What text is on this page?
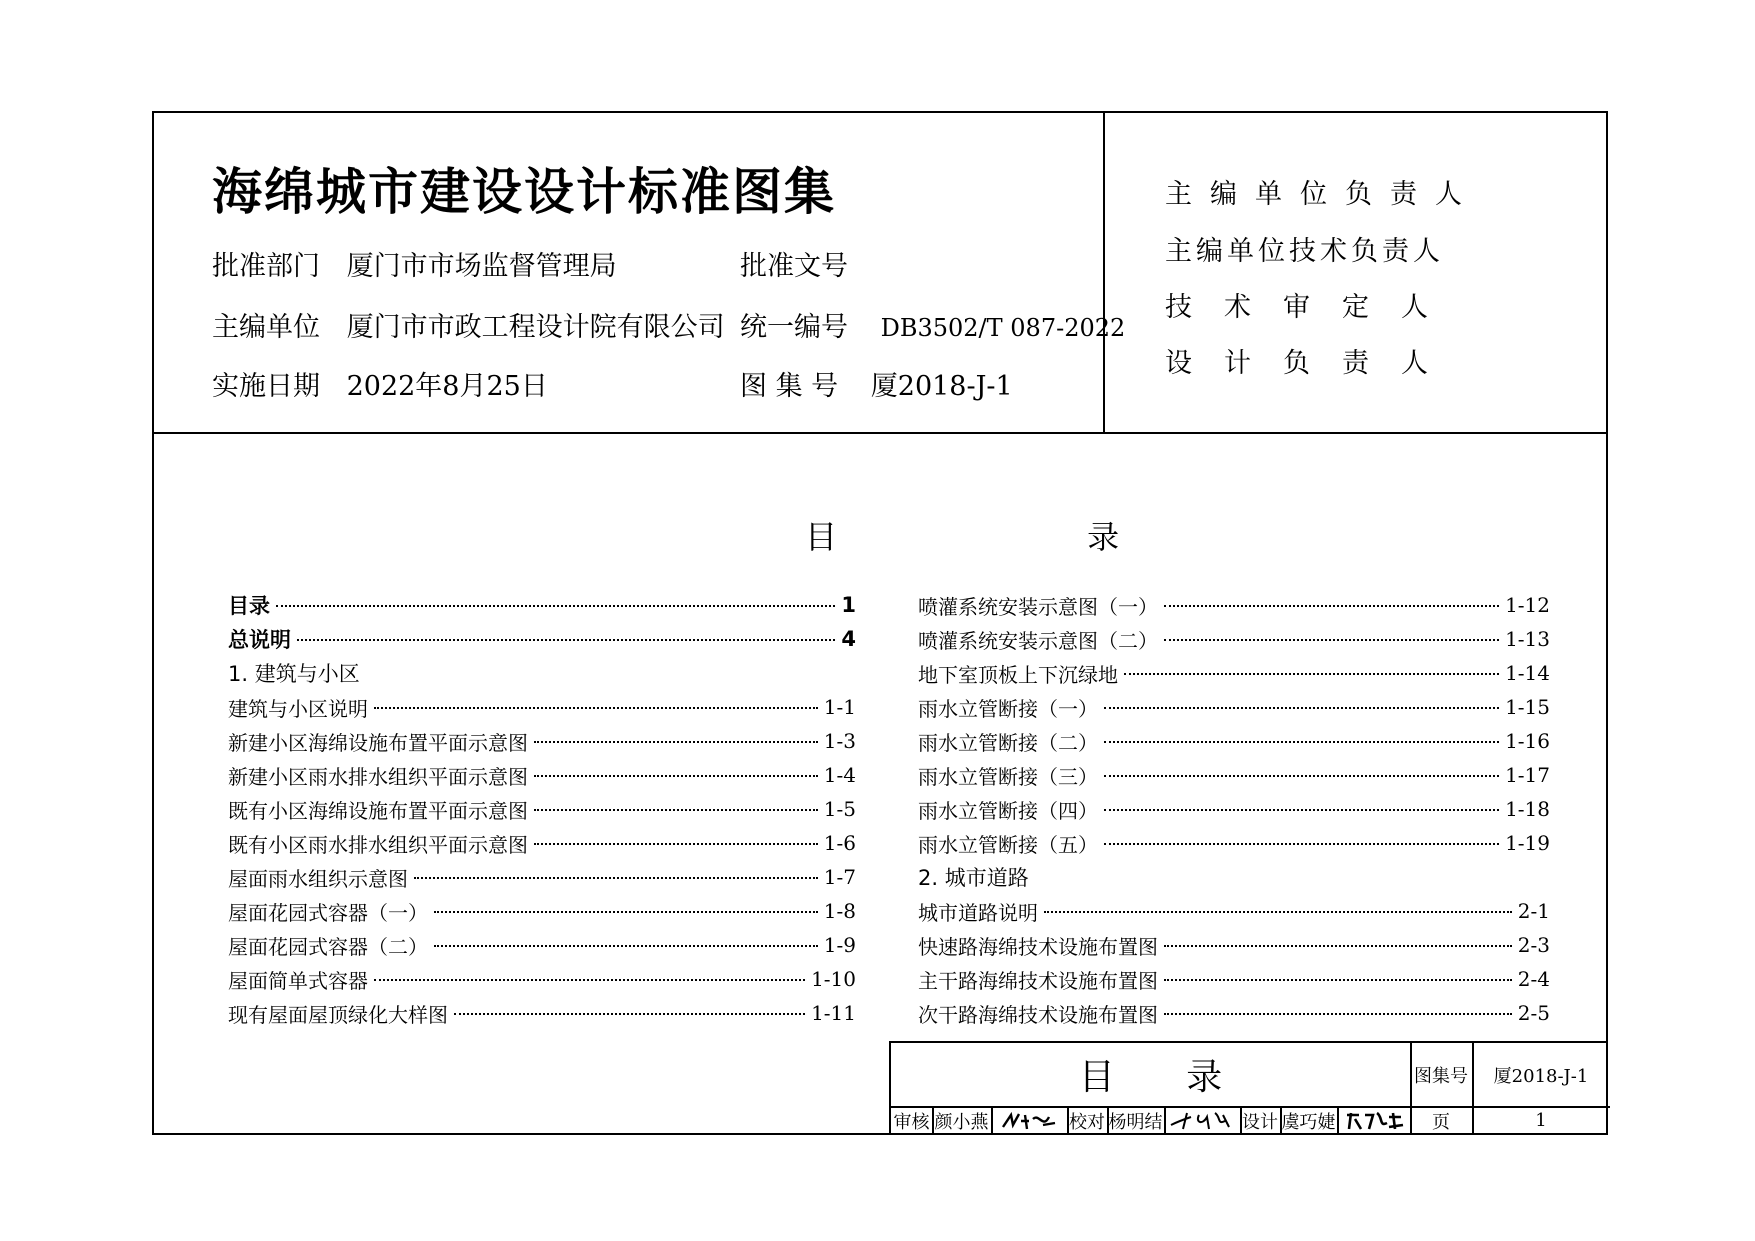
海绵城市建设设计标准图集
批准部门 厦门市市场监督管理局	批准文号
主编单位 厦门市市政工程设计院有限公司 统一编号 DB3502/T 087-2022
实施日期 2022年8月25日	图 集 号 厦2018-J-1
主编单位负责人
主编单位技术负责人
技术审定人
设计负责人
目 录
目录	1
总说明	4
1. 建筑与小区
建筑与小区说明	1-1
新建小区海绵设施布置平面示意图	1-3
新建小区雨水排水组织平面示意图	1-4
既有小区海绵设施布置平面示意图	1-5
既有小区雨水排水组织平面示意图	1-6
屋面雨水组织示意图	1-7
屋面花园式容器（一）	1-8
屋面花园式容器（二）	1-9
屋面简单式容器	1-10
现有屋面屋顶绿化大样图	1-11
喷灌系统安装示意图（一）	1-12
喷灌系统安装示意图（二）	1-13
地下室顶板上下沉绿地	1-14
雨水立管断接（一）	1-15
雨水立管断接（二）	1-16
雨水立管断接（三）	1-17
雨水立管断接（四）	1-18
雨水立管断接（五）	1-19
2. 城市道路
城市道路说明	2-1
快速路海绵技术设施布置图	2-3
主干路海绵技术设施布置图	2-4
次干路海绵技术设施布置图	2-5
目 录	图集号	厦2018-J-1
审核 颜小燕	校对 杨明结	设计 虞巧婕	页	1
